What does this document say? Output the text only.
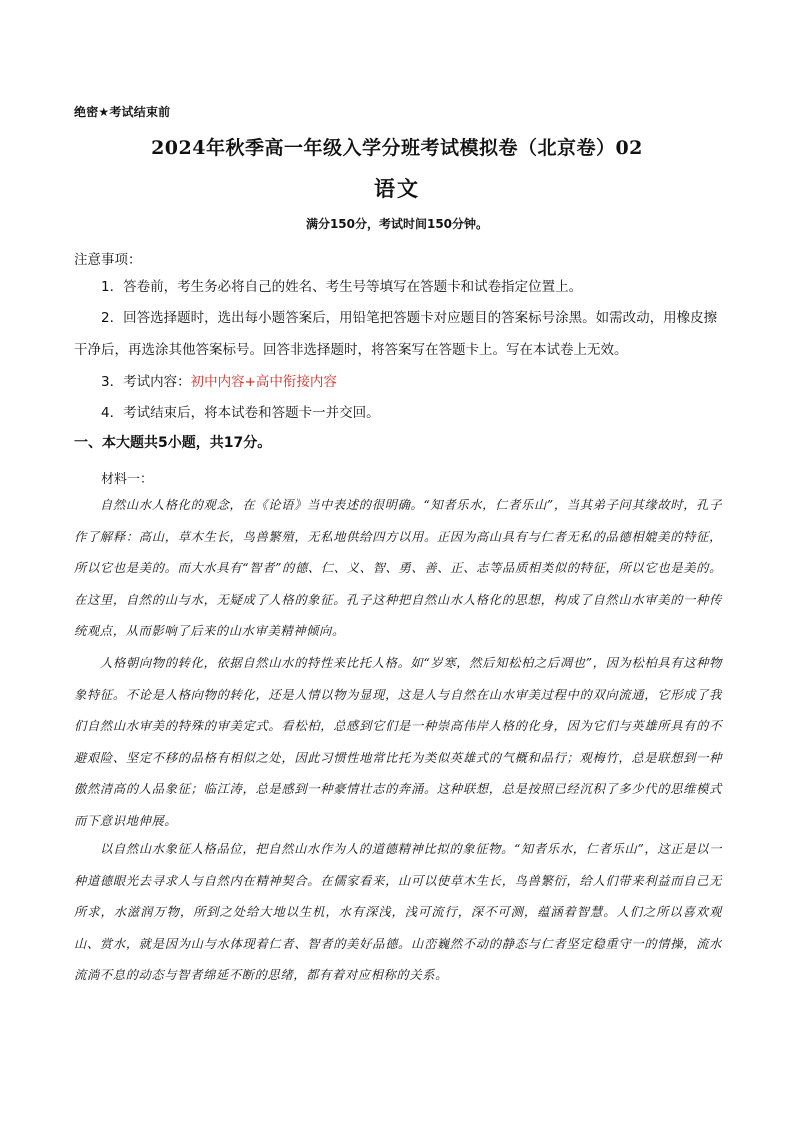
绝密★考试结束前
2024年秋季高一年级入学分班考试模拟卷（北京卷）02
语文
满分150分，考试时间150分钟。
注意事项：
1．答卷前，考生务必将自己的姓名、考生号等填写在答题卡和试卷指定位置上。
2．回答选择题时，选出每小题答案后，用铅笔把答题卡对应题目的答案标号涂黑。如需改动，用橡皮擦干净后，再选涂其他答案标号。回答非选择题时，将答案写在答题卡上。写在本试卷上无效。
3．考试内容：初中内容+高中衔接内容
4．考试结束后，将本试卷和答题卡一并交回。
一、本大题共5小题，共17分。
材料一：
自然山水人格化的观念，在《论语》当中表述的很明确。“知者乐水，仁者乐山”，当其弟子问其缘故时，孔子作了解释：高山，草木生长，鸟兽繁殖，无私地供给四方以用。正因为高山具有与仁者无私的品德相媲美的特征，所以它也是美的。而大水具有“智者”的德、仁、义、智、勇、善、正、志等品质相类似的特征，所以它也是美的。在这里，自然的山与水，无疑成了人格的象征。孔子这种把自然山水人格化的思想，构成了自然山水审美的一种传统观点，从而影响了后来的山水审美精神倾向。
人格朝向物的转化，依据自然山水的特性来比托人格。如“岁寒，然后知松柏之后凋也”，因为松柏具有这种物象特征。不论是人格向物的转化，还是人情以物为显现，这是人与自然在山水审美过程中的双向流通，它形成了我们自然山水审美的特殊的审美定式。看松柏，总感到它们是一种崇高伟岸人格的化身，因为它们与英雄所具有的不避艰险、坚定不移的品格有相似之处，因此习惯性地常比托为类似英雄式的气概和品行；观梅竹，总是联想到一种傲然清高的人品象征；临江涛，总是感到一种豪情壮志的奔涌。这种联想，总是按照已经沉积了多少代的思维模式而下意识地伸展。
以自然山水象征人格品位，把自然山水作为人的道德精神比拟的象征物。“知者乐水，仁者乐山”，这正是以一种道德眼光去寻求人与自然内在精神契合。在儒家看来，山可以使草木生长，鸟兽繁衍，给人们带来利益而自己无所求，水滋润万物，所到之处给大地以生机，水有深浅，浅可流行，深不可测，蕴涵着智慧。人们之所以喜欢观山、赏水，就是因为山与水体现着仁者、智者的美好品德。山峦巍然不动的静态与仁者坚定稳重守一的情操，流水流淌不息的动态与智者绵延不断的思绪，都有着对应相称的关系。
